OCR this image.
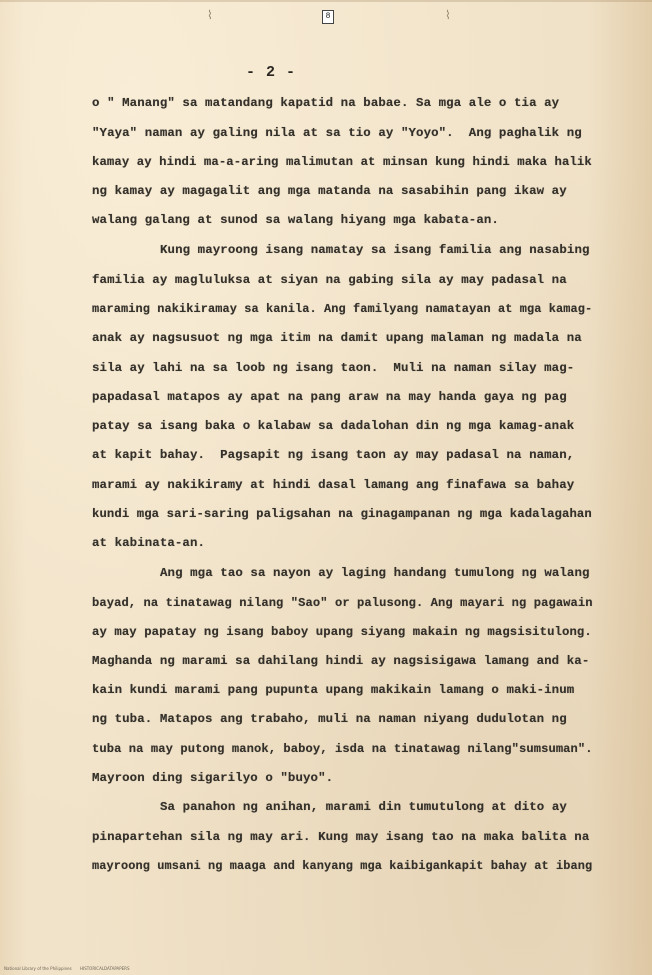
⌇	⌇
8
- 2 -
o " Manang" sa matandang kapatid na babae. Sa mga ale o tia ay
"Yaya" naman ay galing nila at sa tio ay "Yoyo".  Ang paghalik ng
kamay ay hindi ma-a-aring malimutan at minsan kung hindi maka halik
ng kamay ay magagalit ang mga matanda na sasabihin pang ikaw ay
walang galang at sunod sa walang hiyang mga kabata-an.
Kung mayroong isang namatay sa isang familia ang nasabing
familia ay magluluksa at siyan na gabing sila ay may padasal na
maraming nakikiramay sa kanila. Ang familyang namatayan at mga kamag-
anak ay nagsusuot ng mga itim na damit upang malaman ng madala na
sila ay lahi na sa loob ng isang taon.  Muli na naman silay mag-
papadasal matapos ay apat na pang araw na may handa gaya ng pag
patay sa isang baka o kalabaw sa dadalohan din ng mga kamag-anak
at kapit bahay.  Pagsapit ng isang taon ay may padasal na naman,
marami ay nakikiramy at hindi dasal lamang ang finafawa sa bahay
kundi mga sari-saring paligsahan na ginagampanan ng mga kadalagahan
at kabinata-an.
Ang mga tao sa nayon ay laging handang tumulong ng walang
bayad, na tinatawag nilang "Sao" or palusong. Ang mayari ng pagawain
ay may papatay ng isang baboy upang siyang makain ng magsisitulong.
Maghanda ng marami sa dahilang hindi ay nagsisigawa lamang and ka-
kain kundi marami pang pupunta upang makikain lamang o maki-inum
ng tuba. Matapos ang trabaho, muli na naman niyang dudulotan ng
tuba na may putong manok, baboy, isda na tinatawag nilang"sumsuman".
Mayroon ding sigarilyo o "buyo".
Sa panahon ng anihan, marami din tumutulong at dito ay
pinapartehan sila ng may ari. Kung may isang tao na maka balita na
mayroong umsani ng maaga and kanyang mga kaibigankapit bahay at ibang
National Library of the Philippines HISTORICALDATAPAPERS
